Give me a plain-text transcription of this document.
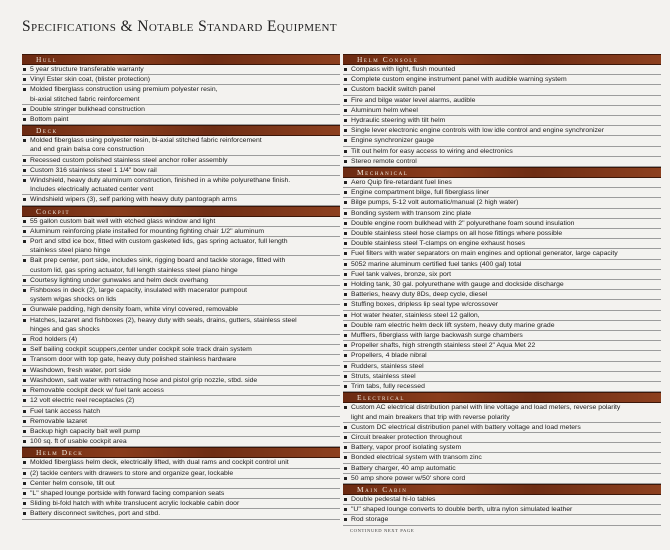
Specifications & Notable Standard Equipment
Hull
5 year structure transferable warranty
Vinyl Ester skin coat, (blister protection)
Molded fiberglass construction using premium polyester resin,
bi-axial stitched fabric reinforcement
Double stringer bulkhead construction
Bottom paint
Deck
Molded fiberglass using polyester resin, bi-axial stitched fabric reinforcement
and end grain balsa core construction
Recessed custom polished stainless steel anchor roller assembly
Custom 316 stainless steel 1 1/4" bow rail
Windshield, heavy duty aluminum construction, finished in a white polyurethane finish.
Includes electrically actuated center vent
Windshield wipers (3), self parking with heavy duty pantograph arms
Cockpit
55 gallon custom bait well with etched glass window and light
Aluminum reinforcing plate installed for mounting fighting chair 1/2" aluminum
Port and stbd ice box, fitted with custom gasketed lids, gas spring actuator, full length
stainless steel piano hinge
Bait prep center, port side, includes sink, rigging board and tackle storage, fitted with
custom lid, gas spring actuator, full length stainless steel piano hinge
Courtesy lighting under gunwales and helm deck overhang
Fishboxes in deck (2), large capacity, insulated with macerator pumpout
system w/gas shocks on lids
Gunwale padding, high density foam, white vinyl covered, removable
Hatches, lazaret and fishboxes (2), heavy duty with seals, drains, gutters, stainless steel
hinges and gas shocks
Rod holders (4)
Self bailing cockpit scuppers,center under cockpit sole track drain system
Transom door with top gate, heavy duty polished stainless hardware
Washdown, fresh water, port side
Washdown, salt water with retracting hose and pistol grip nozzle, stbd. side
Removable cockpit deck w/ fuel tank access
12 volt electric reel receptacles (2)
Fuel tank access hatch
Removable lazaret
Backup high capacity bait well pump
100 sq. ft of usable cockpit area
Helm Deck
Molded fiberglass helm deck, electrically lifted, with dual rams and cockpit control unit
(2) tackle centers with drawers to store and organize gear, lockable
Center helm console, tilt out
"L" shaped lounge portside with forward facing companion seats
Sliding bi-fold hatch with white translucent acrylic lockable cabin door
Battery disconnect switches, port and stbd.
Helm Console
Compass with light, flush mounted
Complete custom engine instrument panel with audible warning system
Custom backlit switch panel
Fire and bilge water level alarms, audible
Aluminum helm wheel
Hydraulic steering with tilt helm
Single lever electronic engine controls with low idle control and engine synchronizer
Engine synchronizer gauge
Tilt out helm for easy access to wiring and electronics
Stereo remote control
Mechanical
Aero Quip fire-retardant fuel lines
Engine compartment bilge, full fiberglass liner
Bilge pumps, 5-12 volt automatic/manual (2 high water)
Bonding system with transom zinc plate
Double engine room bulkhead with 2" polyurethane foam sound insulation
Double stainless steel hose clamps on all hose fittings where possible
Double stainless steel T-clamps on engine exhaust hoses
Fuel filters with water separators on main engines and optional generator, large capacity
5052 marine aluminum certified fuel tanks (400 gal) total
Fuel tank valves, bronze, six port
Holding tank, 30 gal. polyurethane with gauge and dockside discharge
Batteries, heavy duty 8Ds, deep cycle, diesel
Stuffing boxes, dripless lip seal type w/crossover
Hot water heater, stainless steel 12 gallon,
Double ram electric helm deck lift system, heavy duty marine grade
Mufflers, fiberglass with large backwash surge chambers
Propeller shafts, high strength stainless steel 2" Aqua Met 22
Propellers, 4 blade nibral
Rudders, stainless steel
Struts, stainless steel
Trim tabs, fully recessed
Electrical
Custom AC electrical distribution panel with line voltage and load meters, reverse polarity
light and main breakers that trip with reverse polarity
Custom DC electrical distribution panel with battery voltage and load meters
Circuit breaker protection throughout
Battery, vapor proof isolating system
Bonded electrical system with transom zinc
Battery charger, 40 amp automatic
50 amp shore power w/50' shore cord
Main Cabin
Double pedestal hi-lo tables
"U" shaped lounge converts to double berth, ultra nylon simulated leather
Rod storage
CONTINUED NEXT PAGE
